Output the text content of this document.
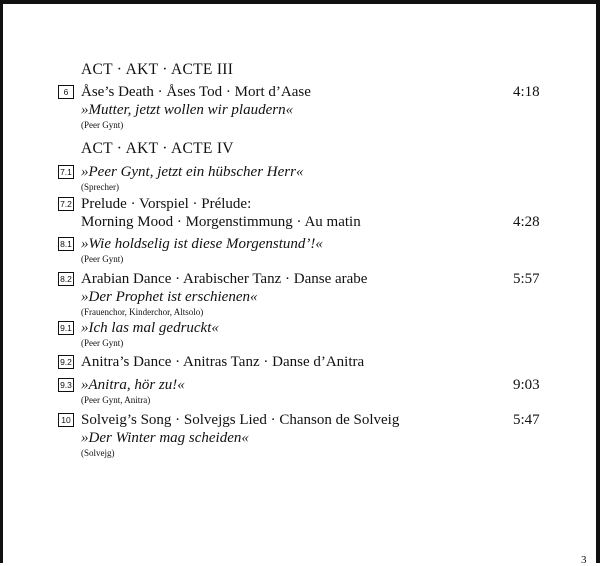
ACT · AKT · ACTE III
6 Åse’s Death · Åses Tod · Mort d’Aase
»Mutter, jetzt wollen wir plaudern«
(Peer Gynt)
4:18
ACT · AKT · ACTE IV
7.1 »Peer Gynt, jetzt ein hübscher Herr«
(Sprecher)
7.2 Prelude · Vorspiel · Prélude:
Morning Mood · Morgenstimmung · Au matin	4:28
8.1 »Wie holdselig ist diese Morgenstund’!«
(Peer Gynt)
8.2 Arabian Dance · Arabischer Tanz · Danse arabe
»Der Prophet ist erschienen«
(Frauenchor, Kinderchor, Altsolo)
5:57
9.1 »Ich las mal gedruckt«
(Peer Gynt)
9.2 Anitra’s Dance · Anitras Tanz · Danse d’Anitra
9.3 »Anitra, hör zu!«
(Peer Gynt, Anitra)
9:03
10 Solveig’s Song · Solvejgs Lied · Chanson de Solveig
»Der Winter mag scheiden«
(Solvejg)
5:47
3
